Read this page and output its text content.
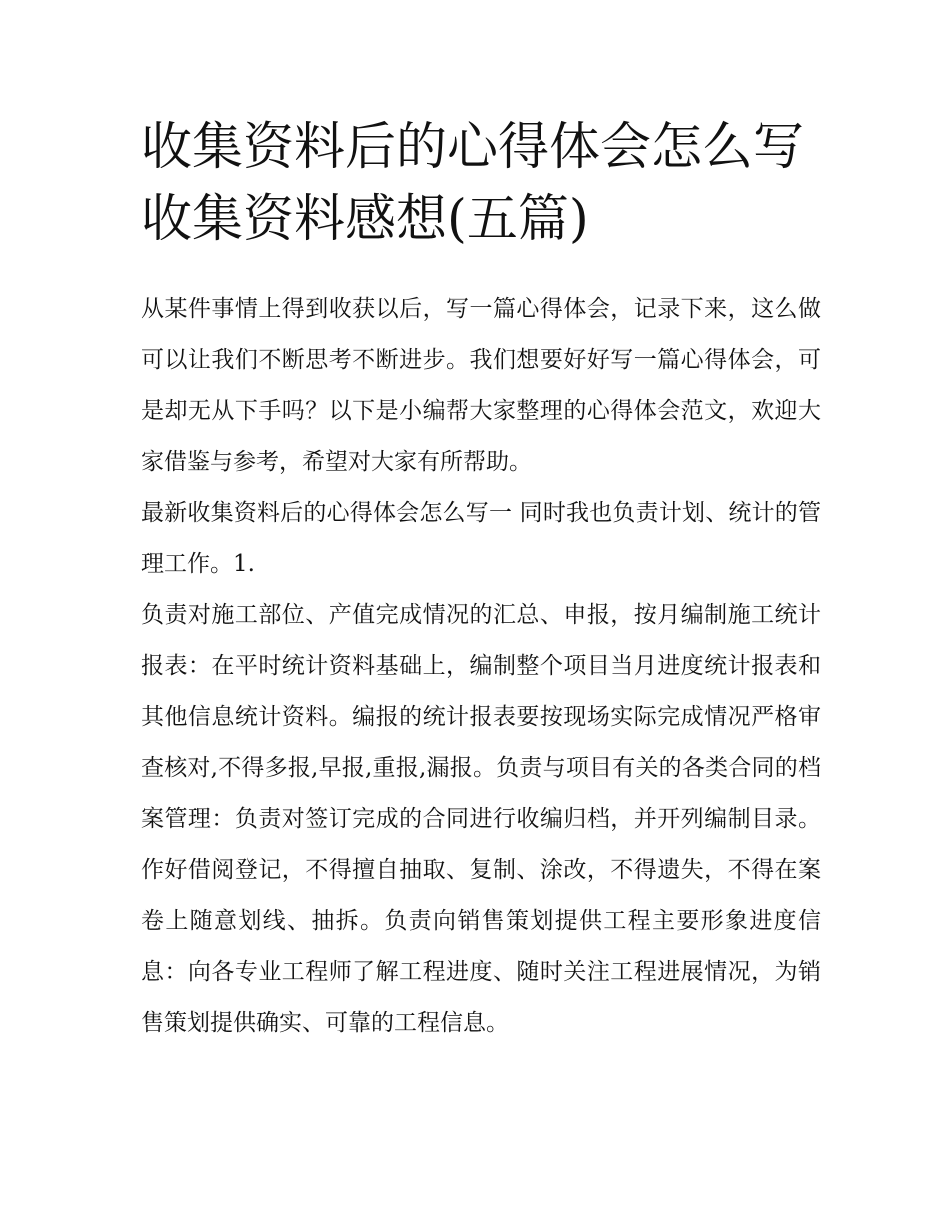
收集资料后的心得体会怎么写
收集资料感想(五篇)

从某件事情上得到收获以后，写一篇心得体会，记录下来，这么做可以让我们不断思考不断进步。我们想要好好写一篇心得体会，可是却无从下手吗？以下是小编帮大家整理的心得体会范文，欢迎大家借鉴与参考，希望对大家有所帮助。

最新收集资料后的心得体会怎么写一 同时我也负责计划、统计的管理工作。1.

负责对施工部位、产值完成情况的汇总、申报，按月编制施工统计报表：在平时统计资料基础上，编制整个项目当月进度统计报表和其他信息统计资料。编报的统计报表要按现场实际完成情况严格审查核对,不得多报,早报,重报,漏报。负责与项目有关的各类合同的档案管理：负责对签订完成的合同进行收编归档，并开列编制目录。作好借阅登记，不得擅自抽取、复制、涂改，不得遗失，不得在案卷上随意划线、抽拆。负责向销售策划提供工程主要形象进度信息：向各专业工程师了解工程进度、随时关注工程进展情况，为销售策划提供确实、可靠的工程信息。
